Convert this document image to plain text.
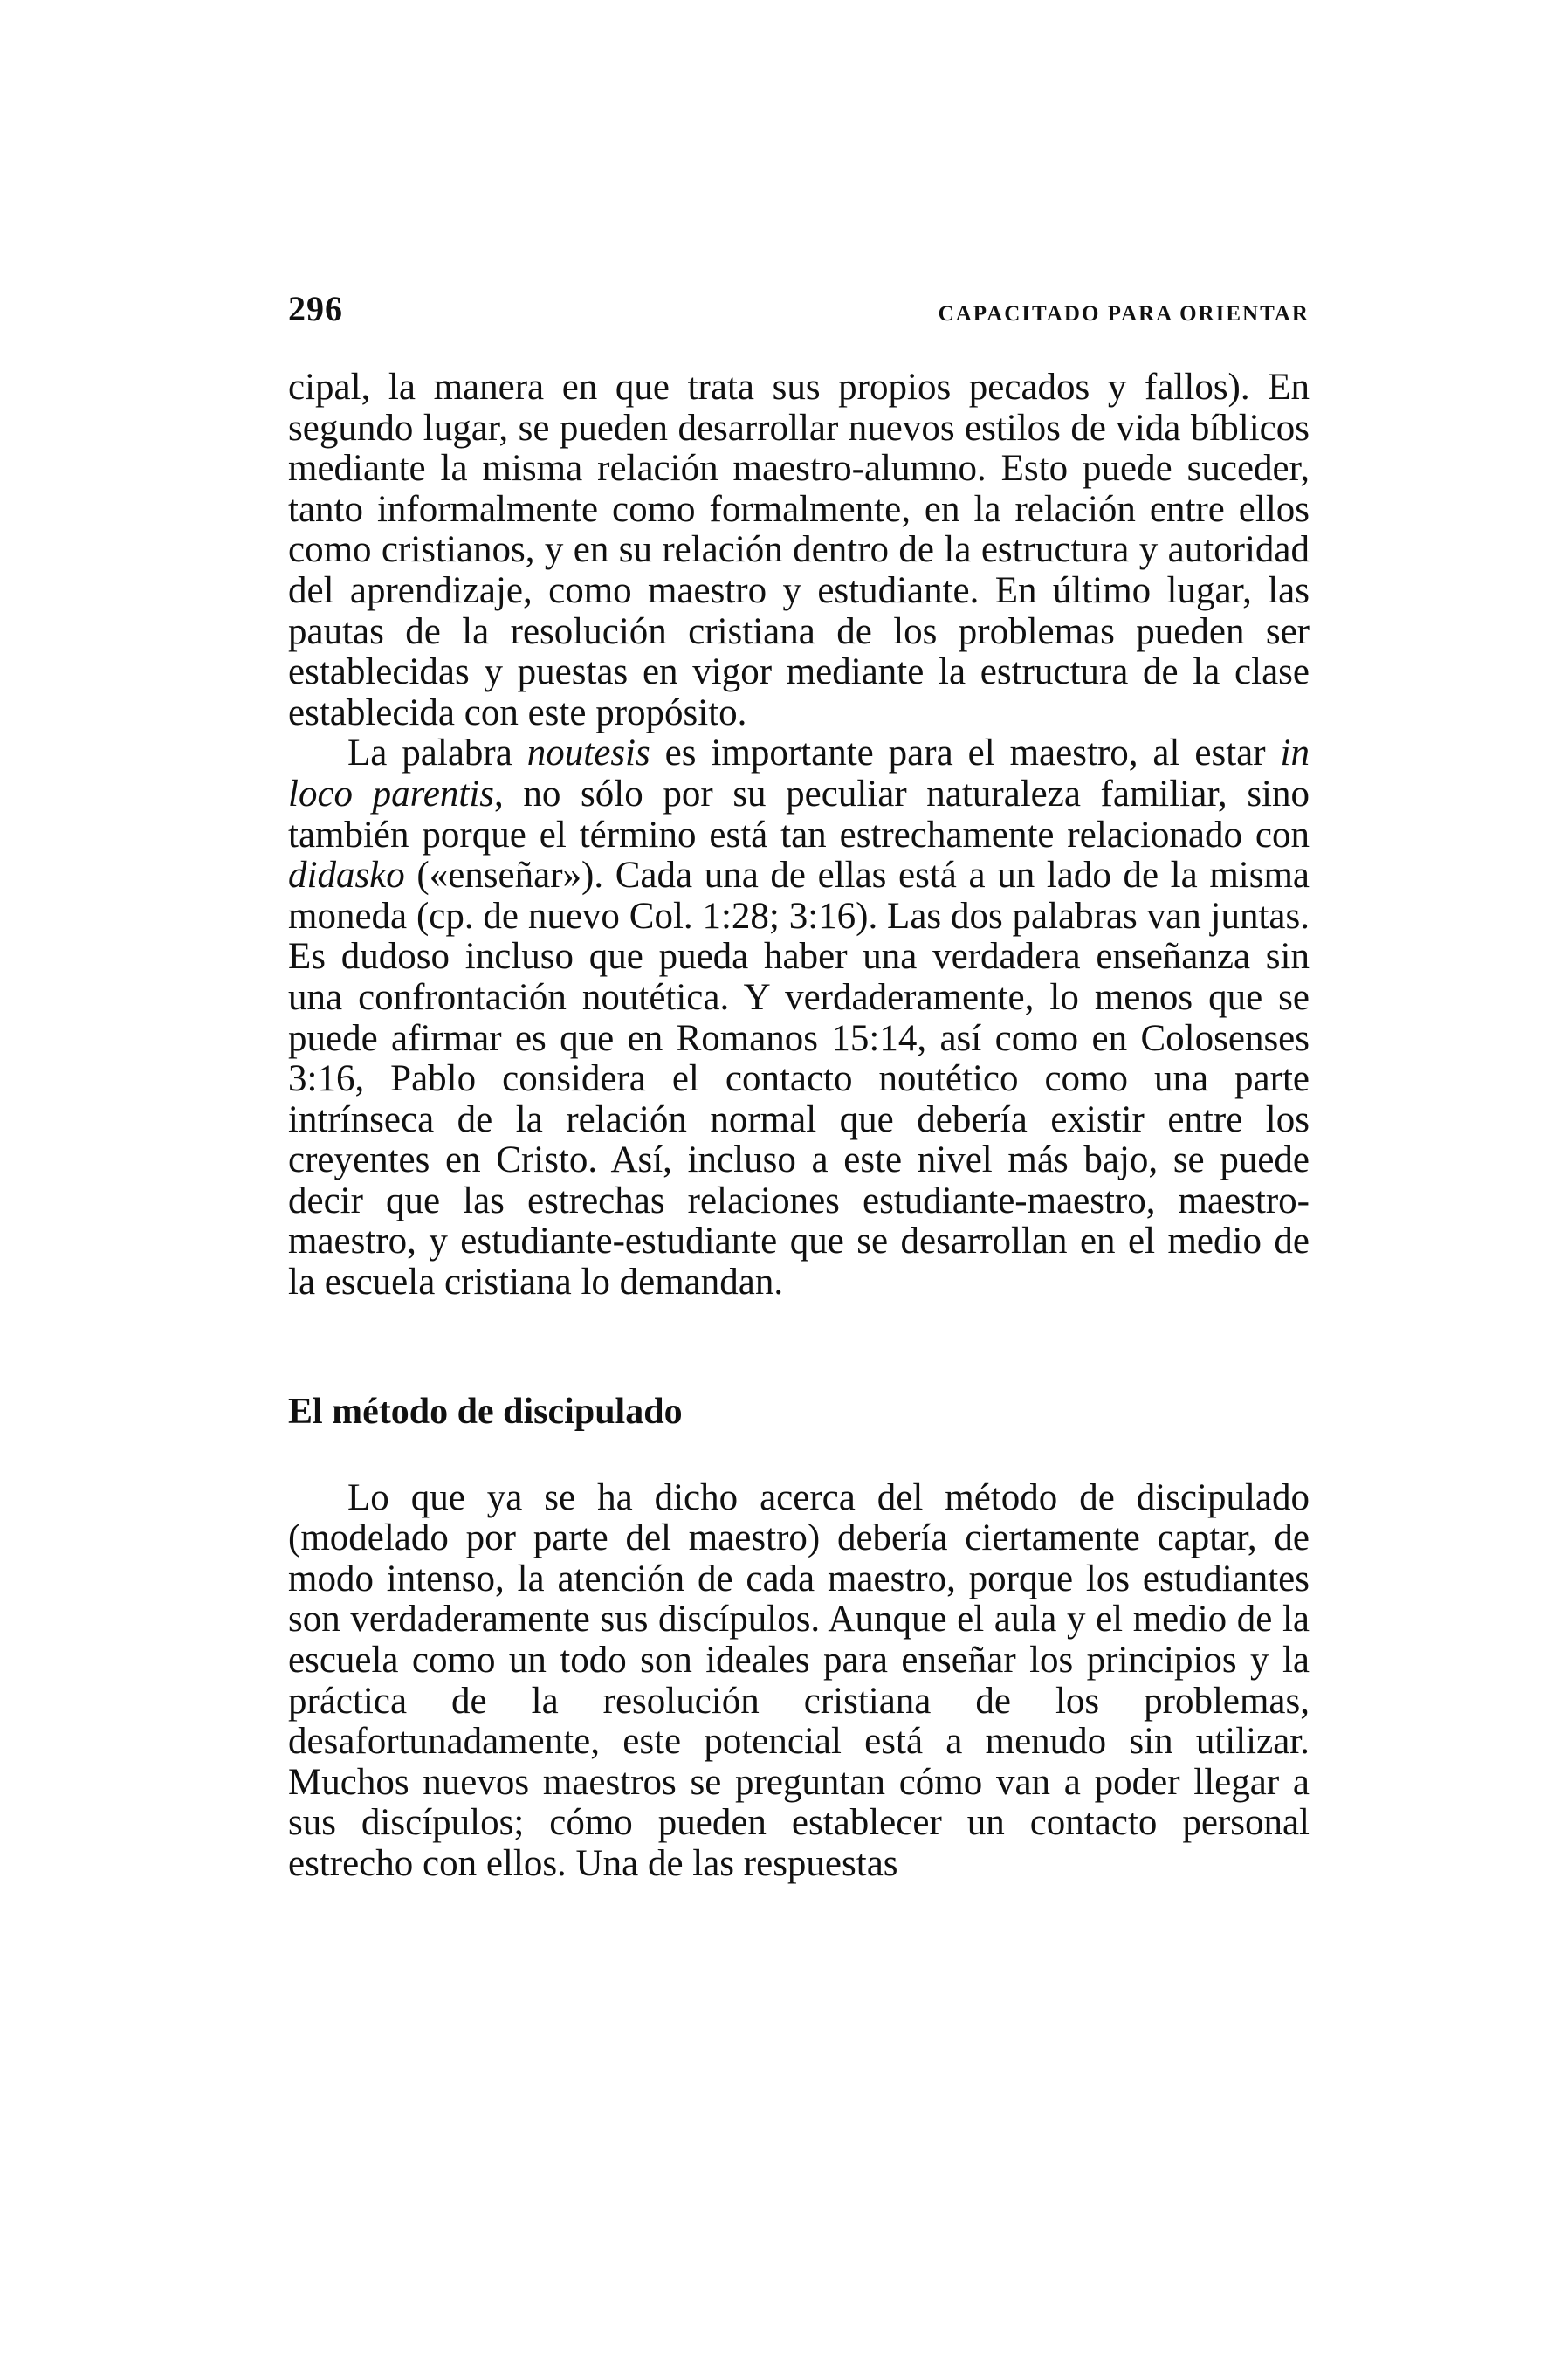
296	CAPACITADO PARA ORIENTAR

cipal, la manera en que trata sus propios pecados y fallos). En segundo lugar, se pueden desarrollar nuevos estilos de vida bíblicos mediante la misma relación maestro-alumno. Esto puede suceder, tanto informalmente como formalmente, en la relación entre ellos como cristianos, y en su relación dentro de la estructura y autoridad del aprendizaje, como maestro y estudiante. En último lugar, las pautas de la resolución cristiana de los problemas pueden ser establecidas y puestas en vigor mediante la estructura de la clase establecida con este propósito.

La palabra noutesis es importante para el maestro, al estar in loco parentis, no sólo por su peculiar naturaleza familiar, sino también porque el término está tan estrechamente relacionado con didasko («enseñar»). Cada una de ellas está a un lado de la misma moneda (cp. de nuevo Col. 1:28; 3:16). Las dos palabras van juntas. Es dudoso incluso que pueda haber una verdadera enseñanza sin una confrontación noutética. Y verdaderamente, lo menos que se puede afirmar es que en Romanos 15:14, así como en Colosenses 3:16, Pablo considera el contacto noutético como una parte intrínseca de la relación normal que debería existir entre los creyentes en Cristo. Así, incluso a este nivel más bajo, se puede decir que las estrechas relaciones estudiante-maestro, maestro-maestro, y estudiante-estudiante que se desarrollan en el medio de la escuela cristiana lo demandan.

El método de discipulado

Lo que ya se ha dicho acerca del método de discipulado (modelado por parte del maestro) debería ciertamente captar, de modo intenso, la atención de cada maestro, porque los estudiantes son verdaderamente sus discípulos. Aunque el aula y el medio de la escuela como un todo son ideales para enseñar los principios y la práctica de la resolución cristiana de los problemas, desafortunadamente, este potencial está a menudo sin utilizar. Muchos nuevos maestros se preguntan cómo van a poder llegar a sus discípulos; cómo pueden establecer un contacto personal estrecho con ellos. Una de las respuestas
